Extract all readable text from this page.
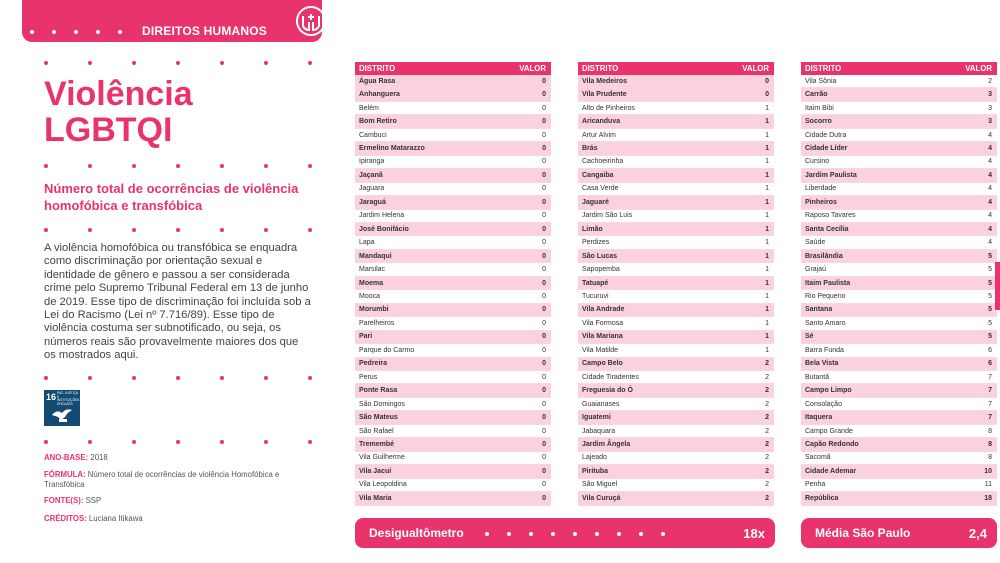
DIREITOS HUMANOS
Violência
LGBTQI
Número total de ocorrências de violência homofóbica e transfóbica
A violência homofóbica ou transfóbica se enquadra como discriminação por orientação sexual e identidade de gênero e passou a ser considerada crime pelo Supremo Tribunal Federal em 13 de junho de 2019. Esse tipo de discriminação foi incluída sob a Lei do Racismo (Lei nº 7.716/89). Esse tipo de violência costuma ser subnotificado, ou seja, os números reais são provavelmente maiores dos que os mostrados aqui.
16 PAZ, JUSTIÇA E INSTITUIÇÕES EFICAZES
ANO-BASE: 2018
FÓRMULA: Número total de ocorrências de violência Homofóbica e Transfóbica
FONTE(S): SSP
CRÉDITOS: Luciana Itikawa
DISTRITO	VALOR
Água Rasa	0
Anhanguera	0
Belém	0
Bom Retiro	0
Cambuci	0
Ermelino Matarazzo	0
Ipiranga	0
Jaçanã	0
Jaguara	0
Jaraguá	0
Jardim Helena	0
José Bonifácio	0
Lapa	0
Mandaqui	0
Marsilac	0
Moema	0
Mooca	0
Morumbi	0
Parelheiros	0
Pari	0
Parque do Carmo	0
Pedreira	0
Perus	0
Ponte Rasa	0
São Domingos	0
São Mateus	0
São Rafael	0
Tremembé	0
Vila Guilherme	0
Vila Jacuí	0
Vila Leopoldina	0
Vila Maria	0
DISTRITO	VALOR
Vila Medeiros	0
Vila Prudente	0
Alto de Pinheiros	1
Aricanduva	1
Artur Alvim	1
Brás	1
Cachoeirinha	1
Cangaiba	1
Casa Verde	1
Jaguaré	1
Jardim São Luis	1
Limão	1
Perdizes	1
São Lucas	1
Sapopemba	1
Tatuapé	1
Tucuruvi	1
Vila Andrade	1
Vila Formosa	1
Vila Mariana	1
Vila Matilde	1
Campo Belo	2
Cidade Tiradentes	2
Freguesia do Ó	2
Guaianases	2
Iguatemi	2
Jabaquara	2
Jardim Ângela	2
Lajeado	2
Pirituba	2
São Miguel	2
Vila Curuçá	2
DISTRITO	VALOR
Vila Sônia	2
Carrão	3
Itaim Bibi	3
Socorro	3
Cidade Dutra	4
Cidade Líder	4
Cursino	4
Jardim Paulista	4
Liberdade	4
Pinheiros	4
Raposo Tavares	4
Santa Cecília	4
Saúde	4
Brasilândia	5
Grajaú	5
Itaim Paulista	5
Rio Pequeno	5
Santana	5
Santo Amaro	5
Sé	5
Barra Funda	6
Bela Vista	6
Butantã	7
Campo Limpo	7
Consolação	7
Itaquera	7
Campo Grande	8
Capão Redondo	8
Sacomã	8
Cidade Ademar	10
Penha	11
República	18
Desigualtômetro	18x	Média São Paulo	2,4
